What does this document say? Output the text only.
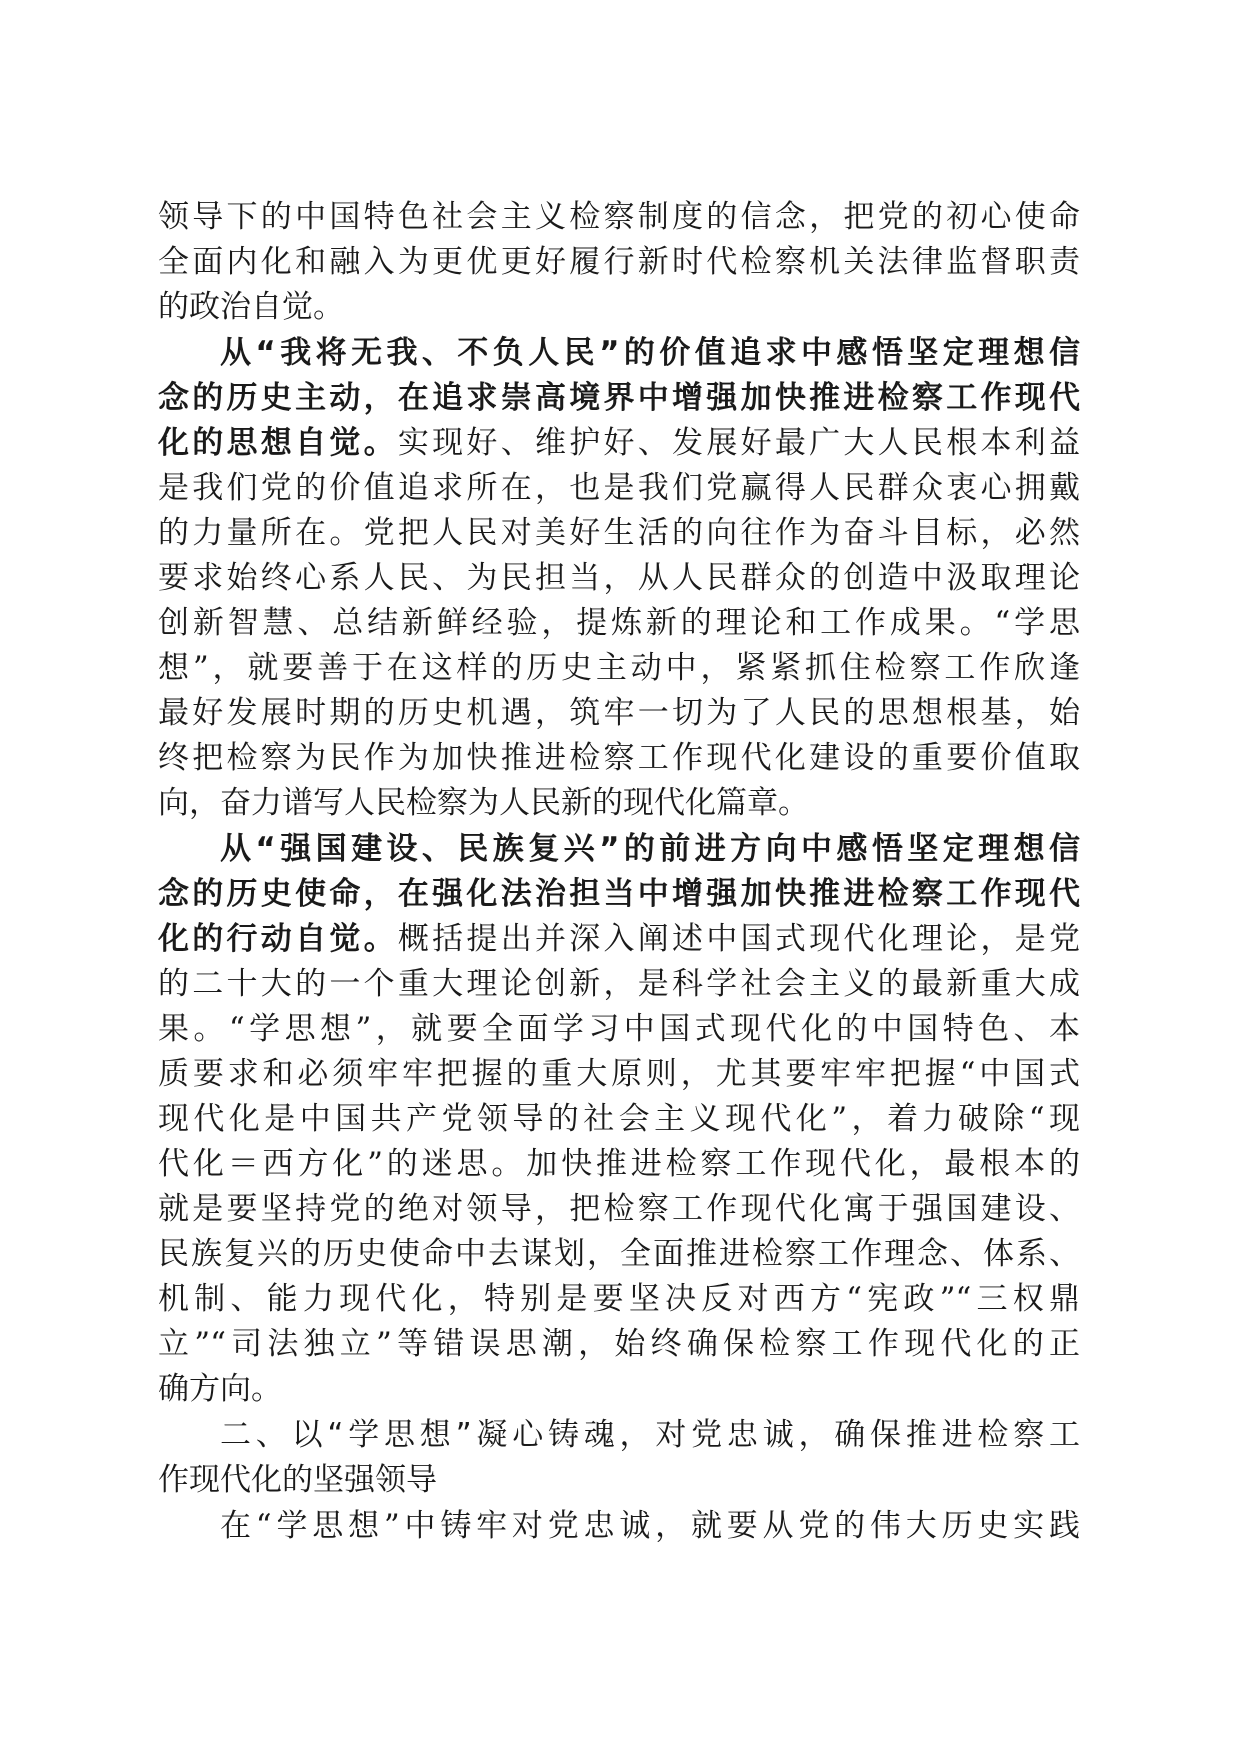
领导下的中国特色社会主义检察制度的信念，把党的初心使命
全面内化和融入为更优更好履行新时代检察机关法律监督职责
的政治自觉。
从“我将无我、不负人民”的价值追求中感悟坚定理想信
念的历史主动，在追求崇高境界中增强加快推进检察工作现代
化的思想自觉。实现好、维护好、发展好最广大人民根本利益
是我们党的价值追求所在，也是我们党赢得人民群众衷心拥戴
的力量所在。党把人民对美好生活的向往作为奋斗目标，必然
要求始终心系人民、为民担当，从人民群众的创造中汲取理论
创新智慧、总结新鲜经验，提炼新的理论和工作成果。“学思
想”，就要善于在这样的历史主动中，紧紧抓住检察工作欣逢
最好发展时期的历史机遇，筑牢一切为了人民的思想根基，始
终把检察为民作为加快推进检察工作现代化建设的重要价值取
向，奋力谱写人民检察为人民新的现代化篇章。
从“强国建设、民族复兴”的前进方向中感悟坚定理想信
念的历史使命，在强化法治担当中增强加快推进检察工作现代
化的行动自觉。概括提出并深入阐述中国式现代化理论，是党
的二十大的一个重大理论创新，是科学社会主义的最新重大成
果。“学思想”，就要全面学习中国式现代化的中国特色、本
质要求和必须牢牢把握的重大原则，尤其要牢牢把握“中国式
现代化是中国共产党领导的社会主义现代化”，着力破除“现
代化＝西方化”的迷思。加快推进检察工作现代化，最根本的
就是要坚持党的绝对领导，把检察工作现代化寓于强国建设、
民族复兴的历史使命中去谋划，全面推进检察工作理念、体系、
机制、能力现代化，特别是要坚决反对西方“宪政”“三权鼎
立”“司法独立”等错误思潮，始终确保检察工作现代化的正
确方向。
二、以“学思想”凝心铸魂，对党忠诚，确保推进检察工
作现代化的坚强领导
在“学思想”中铸牢对党忠诚，就要从党的伟大历史实践
